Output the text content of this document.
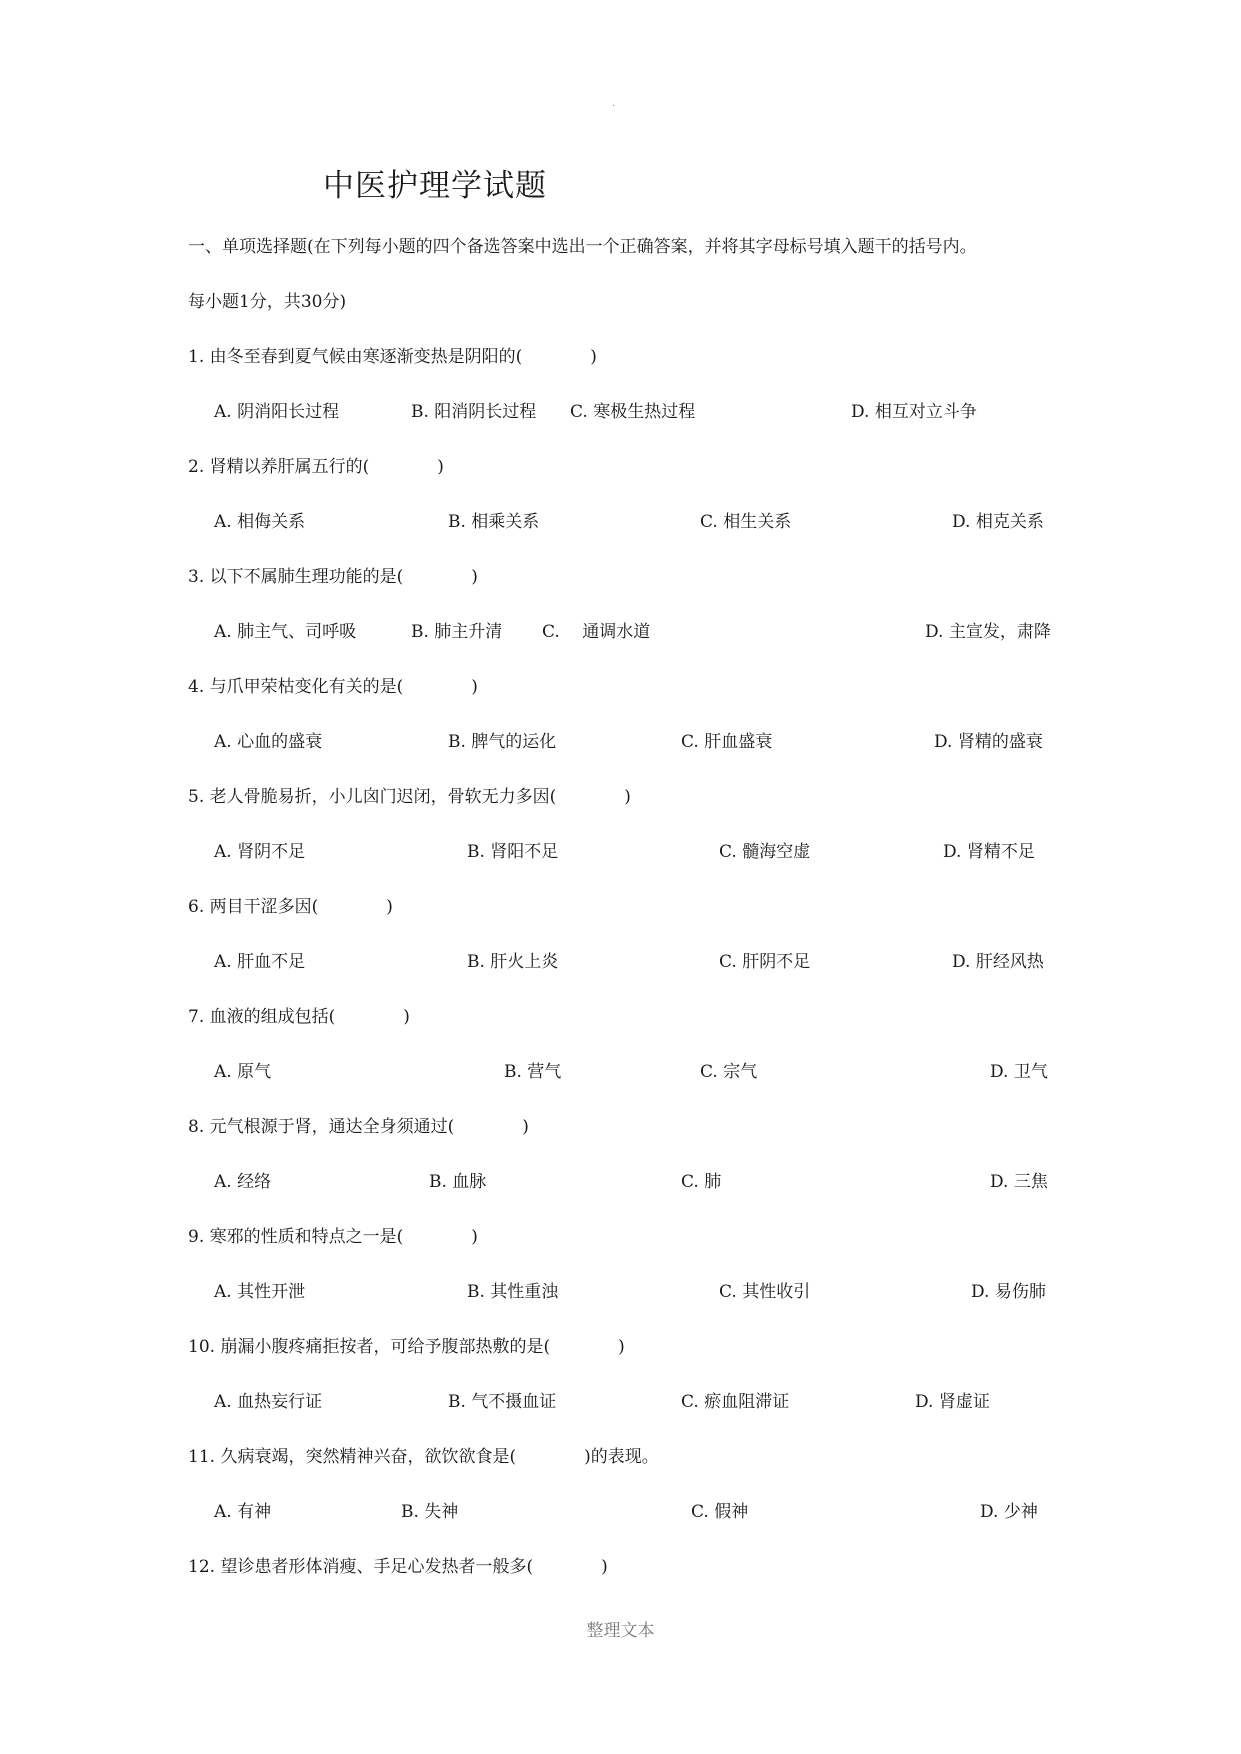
.
中医护理学试题
一、单项选择题(在下列每小题的四个备选答案中选出一个正确答案，并将其字母标号填入题干的括号内。
每小题1分，共30分)
1. 由冬至春到夏气候由寒逐渐变热是阴阳的(　　　　)
A. 阴消阳长过程	B. 阳消阴长过程 C. 寒极生热过程	D. 相互对立斗争
2. 肾精以养肝属五行的(　　　　)
A. 相侮关系	B. 相乘关系	C. 相生关系	D. 相克关系
3. 以下不属肺生理功能的是(　　　　)
A. 肺主气、司呼吸	B. 肺主升清 C.　 通调水道	D. 主宣发，肃降
4. 与爪甲荣枯变化有关的是(　　　　)
A. 心血的盛衰	B. 脾气的运化	C. 肝血盛衰	D. 肾精的盛衰
5. 老人骨脆易折，小儿囟门迟闭，骨软无力多因(　　　　)
A. 肾阴不足	B. 肾阳不足	C. 髓海空虚	D. 肾精不足
6. 两目干涩多因(　　　　)
A. 肝血不足	B. 肝火上炎	C. 肝阴不足	D. 肝经风热
7. 血液的组成包括(　　　　)
A. 原气	B. 营气	C. 宗气	D. 卫气
8. 元气根源于肾，通达全身须通过(　　　　)
A. 经络	B. 血脉	C. 肺	D. 三焦
9. 寒邪的性质和特点之一是(　　　　)
A. 其性开泄	B. 其性重浊	C. 其性收引	D. 易伤肺
10. 崩漏小腹疼痛拒按者，可给予腹部热敷的是(　　　　)
A. 血热妄行证	B. 气不摄血证	C. 瘀血阻滞证	D. 肾虚证
11. 久病衰竭，突然精神兴奋，欲饮欲食是(　　　　)的表现。
A. 有神	B. 失神	C. 假神	D. 少神
12. 望诊患者形体消瘦、手足心发热者一般多(　　　　)
整理文本
